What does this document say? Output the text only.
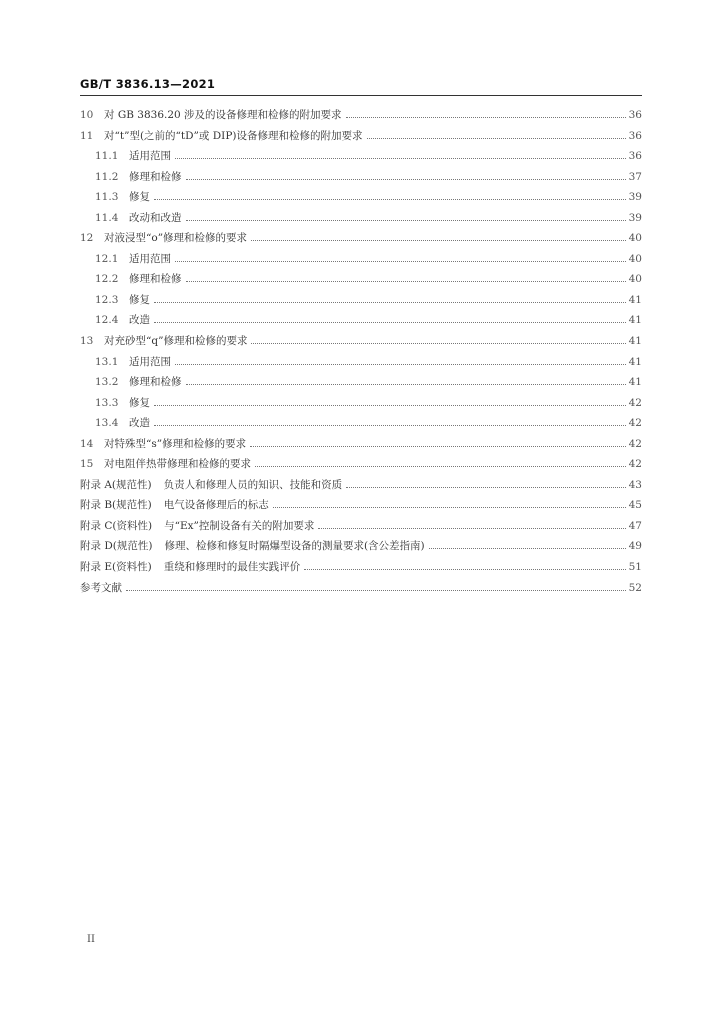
GB/T 3836.13—2021
10	对 GB 3836.20 涉及的设备修理和检修的附加要求	36
11	对“t”型(之前的“tD”或 DIP)设备修理和检修的附加要求	36
11.1	适用范围	36
11.2	修理和检修	37
11.3	修复	39
11.4	改动和改造	39
12	对液浸型“o”修理和检修的要求	40
12.1	适用范围	40
12.2	修理和检修	40
12.3	修复	41
12.4	改造	41
13	对充砂型“q”修理和检修的要求	41
13.1	适用范围	41
13.2	修理和检修	41
13.3	修复	42
13.4	改造	42
14	对特殊型“s”修理和检修的要求	42
15	对电阻伴热带修理和检修的要求	42
附录 A(规范性) 负责人和修理人员的知识、技能和资质	43
附录 B(规范性) 电气设备修理后的标志	45
附录 C(资料性) 与“Ex”控制设备有关的附加要求	47
附录 D(规范性) 修理、检修和修复时隔爆型设备的测量要求(含公差指南)	49
附录 E(资料性) 重绕和修理时的最佳实践评价	51
参考文献	52
II
